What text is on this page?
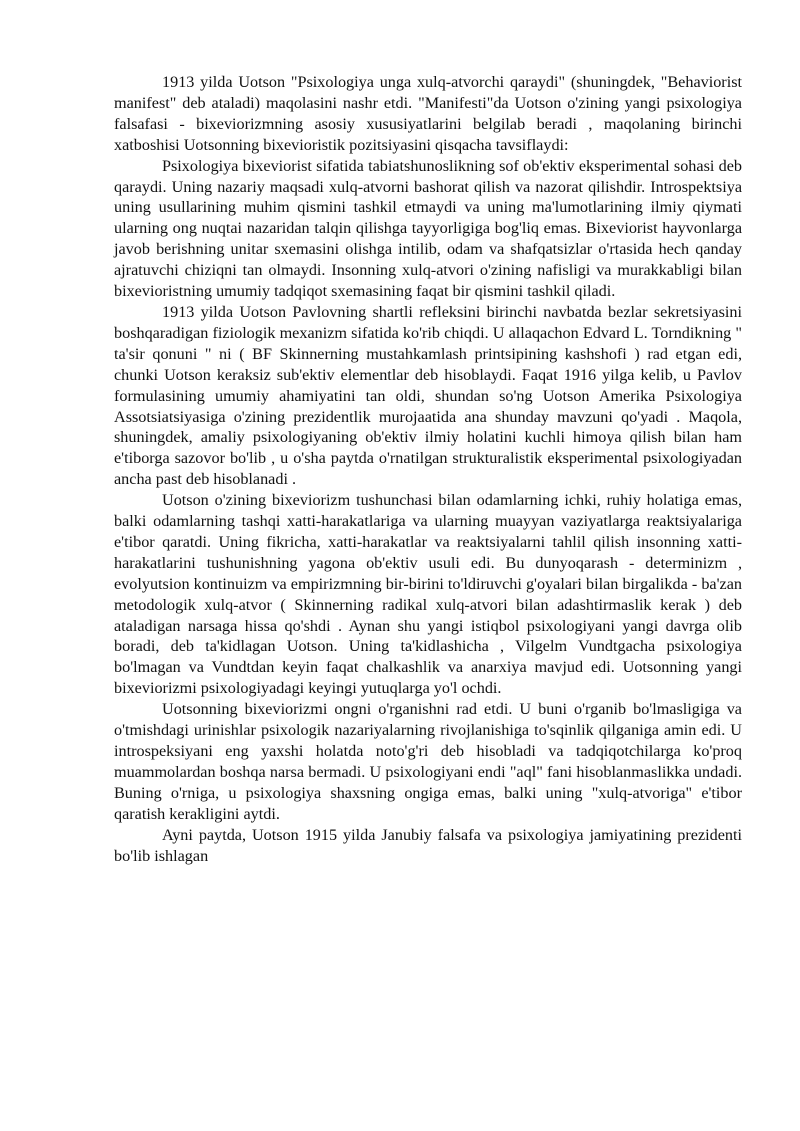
1913 yilda Uotson "Psixologiya unga xulq-atvorchi qaraydi" (shuningdek, "Behaviorist manifest" deb ataladi) maqolasini nashr etdi. "Manifesti"da Uotson o'zining yangi psixologiya falsafasi - bixeviorizmning asosiy xususiyatlarini belgilab beradi , maqolaning birinchi xatboshisi Uotsonning bixevioristik pozitsiyasini qisqacha tavsiflaydi:

Psixologiya bixeviorist sifatida tabiatshunoslikning sof ob'ektiv eksperimental sohasi deb qaraydi. Uning nazariy maqsadi xulq-atvorni bashorat qilish va nazorat qilishdir. Introspektsiya uning usullarining muhim qismini tashkil etmaydi va uning ma'lumotlarining ilmiy qiymati ularning ong nuqtai nazaridan talqin qilishga tayyorligiga bog'liq emas. Bixeviorist hayvonlarga javob berishning unitar sxemasini olishga intilib, odam va shafqatsizlar o'rtasida hech qanday ajratuvchi chiziqni tan olmaydi. Insonning xulq-atvori o'zining nafisligi va murakkabligi bilan bixevioristning umumiy tadqiqot sxemasining faqat bir qismini tashkil qiladi.

1913 yilda Uotson Pavlovning shartli refleksini birinchi navbatda bezlar sekretsiyasini boshqaradigan fiziologik mexanizm sifatida ko'rib chiqdi. U allaqachon Edvard L. Torndikning " ta'sir qonuni " ni ( BF Skinnerning mustahkamlash printsipining kashshofi ) rad etgan edi, chunki Uotson keraksiz sub'ektiv elementlar deb hisoblaydi. Faqat 1916 yilga kelib, u Pavlov formulasining umumiy ahamiyatini tan oldi, shundan so'ng Uotson Amerika Psixologiya Assotsiatsiyasiga o'zining prezidentlik murojaatida ana shunday mavzuni qo'yadi . Maqola, shuningdek, amaliy psixologiyaning ob'ektiv ilmiy holatini kuchli himoya qilish bilan ham e'tiborga sazovor bo'lib , u o'sha paytda o'rnatilgan strukturalistik eksperimental psixologiyadan ancha past deb hisoblanadi .

Uotson o'zining bixeviorizm tushunchasi bilan odamlarning ichki, ruhiy holatiga emas, balki odamlarning tashqi xatti-harakatlariga va ularning muayyan vaziyatlarga reaktsiyalariga e'tibor qaratdi. Uning fikricha, xatti-harakatlar va reaktsiyalarni tahlil qilish insonning xatti-harakatlarini tushunishning yagona ob'ektiv usuli edi. Bu dunyoqarash - determinizm , evolyutsion kontinuizm va empirizmning bir-birini to'ldiruvchi g'oyalari bilan birgalikda - ba'zan metodologik xulq-atvor ( Skinnerning radikal xulq-atvori bilan adashtirmaslik kerak ) deb ataladigan narsaga hissa qo'shdi . Aynan shu yangi istiqbol psixologiyani yangi davrga olib boradi, deb ta'kidlagan Uotson. Uning ta'kidlashicha , Vilgelm Vundtgacha psixologiya bo'lmagan va Vundtdan keyin faqat chalkashlik va anarxiya mavjud edi. Uotsonning yangi bixeviorizmi psixologiyadagi keyingi yutuqlarga yo'l ochdi.

Uotsonning bixeviorizmi ongni o'rganishni rad etdi. U buni o'rganib bo'lmasligiga va o'tmishdagi urinishlar psixologik nazariyalarning rivojlanishiga to'sqinlik qilganiga amin edi. U introspeksiyani eng yaxshi holatda noto'g'ri deb hisobladi va tadqiqotchilarga ko'proq muammolardan boshqa narsa bermadi. U psixologiyani endi "aql" fani hisoblanmaslikka undadi. Buning o'rniga, u psixologiya shaxsning ongiga emas, balki uning "xulq-atvoriga" e'tibor qaratish kerakligini aytdi.

Ayni paytda, Uotson 1915 yilda Janubiy falsafa va psixologiya jamiyatining prezidenti bo'lib ishlagan
